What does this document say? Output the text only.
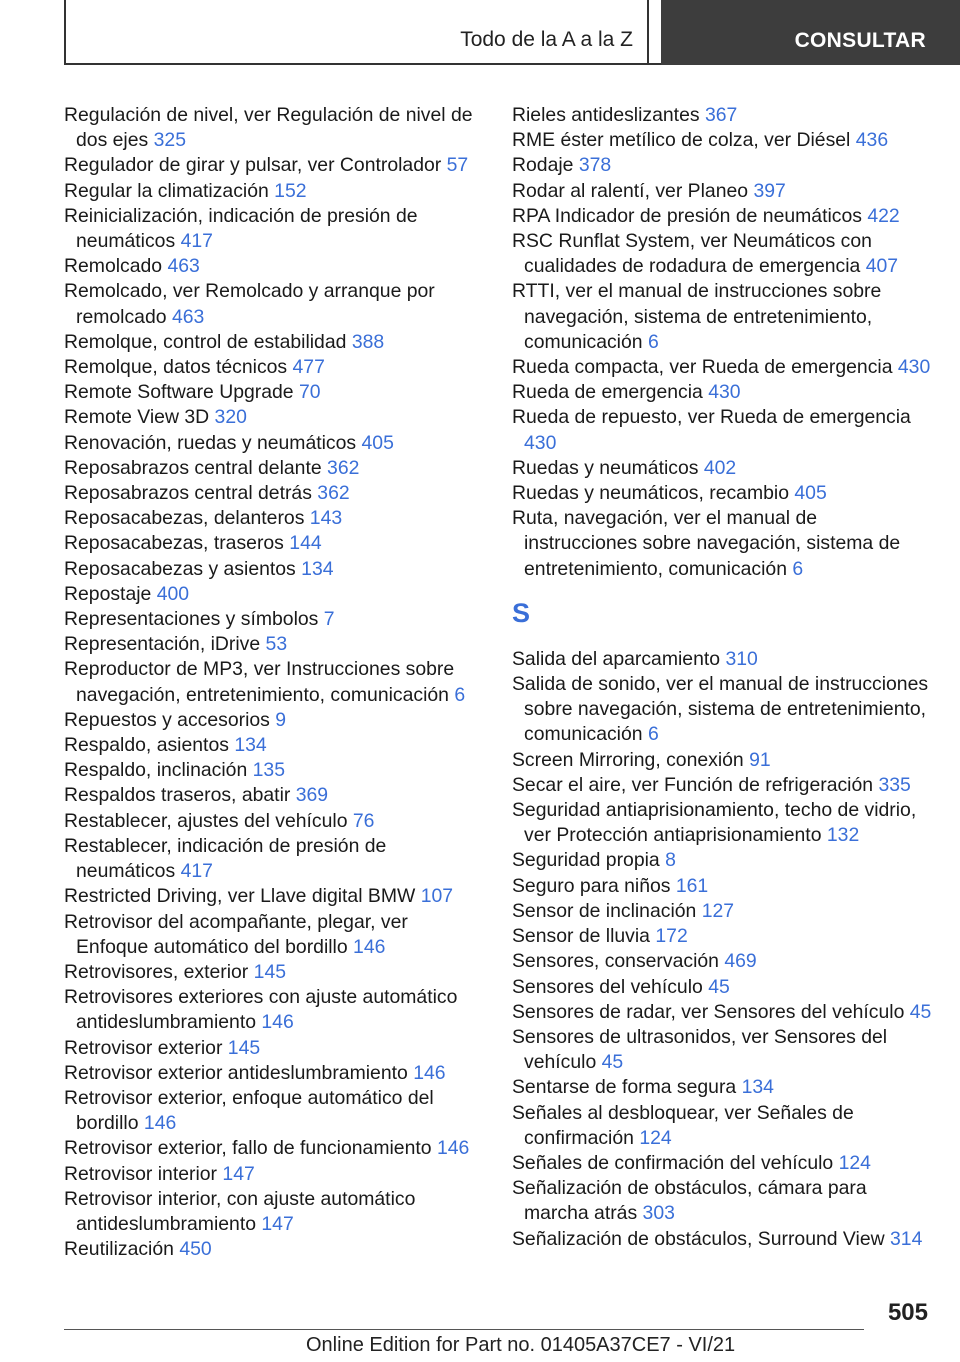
Todo de la A a la Z	CONSULTAR
Regulación de nivel, ver Regulación de nivel de dos ejes 325
Regulador de girar y pulsar, ver Controlador 57
Regular la climatización 152
Reinicialización, indicación de presión de neumáticos 417
Remolcado 463
Remolcado, ver Remolcado y arranque por remolcado 463
Remolque, control de estabilidad 388
Remolque, datos técnicos 477
Remote Software Upgrade 70
Remote View 3D 320
Renovación, ruedas y neumáticos 405
Reposabrazos central delante 362
Reposabrazos central detrás 362
Reposacabezas, delanteros 143
Reposacabezas, traseros 144
Reposacabezas y asientos 134
Repostaje 400
Representaciones y símbolos 7
Representación, iDrive 53
Reproductor de MP3, ver Instrucciones sobre navegación, entretenimiento, comunicación 6
Repuestos y accesorios 9
Respaldo, asientos 134
Respaldo, inclinación 135
Respaldos traseros, abatir 369
Restablecer, ajustes del vehículo 76
Restablecer, indicación de presión de neumáticos 417
Restricted Driving, ver Llave digital BMW 107
Retrovisor del acompañante, plegar, ver Enfoque automático del bordillo 146
Retrovisores, exterior 145
Retrovisores exteriores con ajuste automático antideslumbramiento 146
Retrovisor exterior 145
Retrovisor exterior antideslumbramiento 146
Retrovisor exterior, enfoque automático del bordillo 146
Retrovisor exterior, fallo de funcionamiento 146
Retrovisor interior 147
Retrovisor interior, con ajuste automático antideslumbramiento 147
Reutilización 450
Rieles antideslizantes 367
RME éster metílico de colza, ver Diésel 436
Rodaje 378
Rodar al ralentí, ver Planeo 397
RPA Indicador de presión de neumáticos 422
RSC Runflat System, ver Neumáticos con cualidades de rodadura de emergencia 407
RTTI, ver el manual de instrucciones sobre navegación, sistema de entretenimiento, comunicación 6
Rueda compacta, ver Rueda de emergencia 430
Rueda de emergencia 430
Rueda de repuesto, ver Rueda de emergencia 430
Ruedas y neumáticos 402
Ruedas y neumáticos, recambio 405
Ruta, navegación, ver el manual de instrucciones sobre navegación, sistema de entretenimiento, comunicación 6
S
Salida del aparcamiento 310
Salida de sonido, ver el manual de instrucciones sobre navegación, sistema de entretenimiento, comunicación 6
Screen Mirroring, conexión 91
Secar el aire, ver Función de refrigeración 335
Seguridad antiaprisionamiento, techo de vidrio, ver Protección antiaprisionamiento 132
Seguridad propia 8
Seguro para niños 161
Sensor de inclinación 127
Sensor de lluvia 172
Sensores, conservación 469
Sensores del vehículo 45
Sensores de radar, ver Sensores del vehículo 45
Sensores de ultrasonidos, ver Sensores del vehículo 45
Sentarse de forma segura 134
Señales al desbloquear, ver Señales de confirmación 124
Señales de confirmación del vehículo 124
Señalización de obstáculos, cámara para marcha atrás 303
Señalización de obstáculos, Surround View 314
505
Online Edition for Part no. 01405A37CE7 - VI/21
